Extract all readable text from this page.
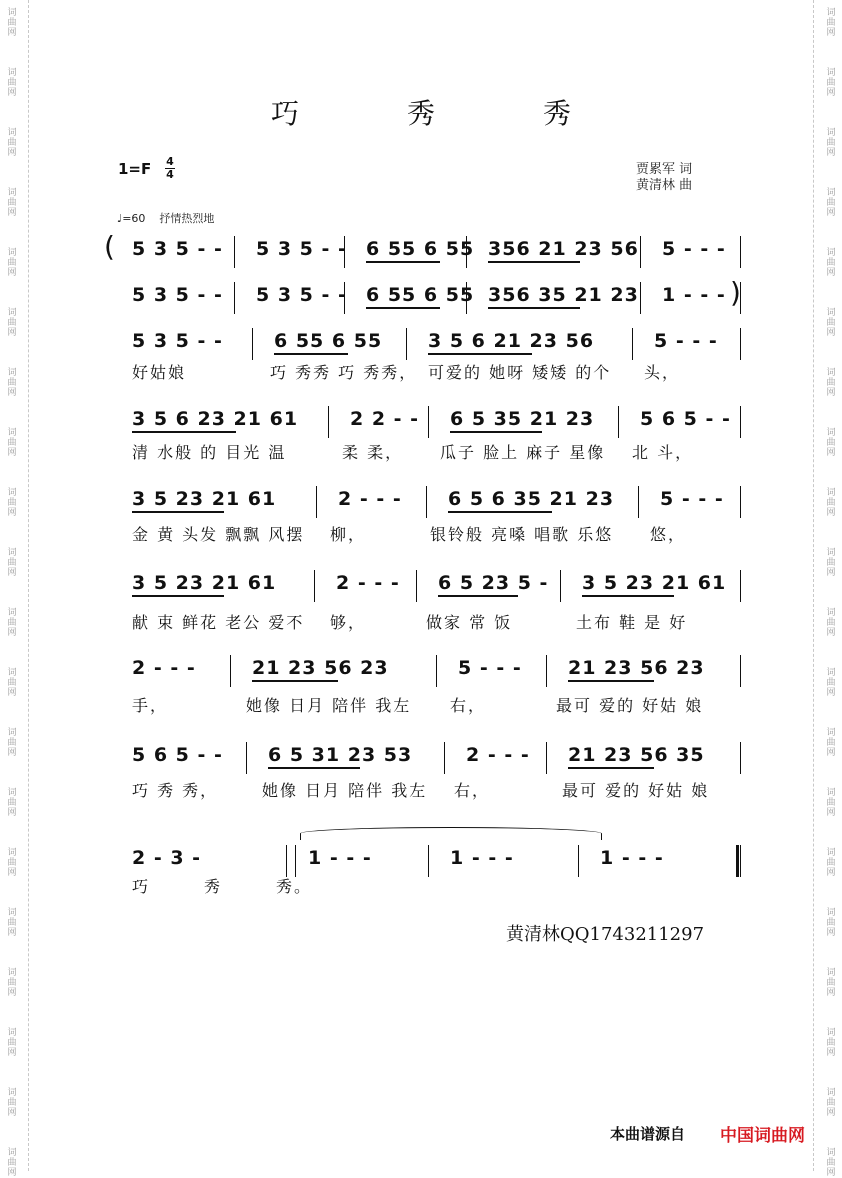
词
曲
网
词
曲
网
词
曲
网
词
曲
网
词
曲
网
词
曲
网
词
曲
网
词
曲
网
词
曲
网
词
曲
网
词
曲
网
词
曲
网
词
曲
网
词
曲
网
词
曲
网
词
曲
网
词
曲
网
词
曲
网
词
曲
网
词
曲
网
词
曲
网
词
曲
网
词
曲
网
词
曲
网
词
曲
网
词
曲
网
词
曲
网
词
曲
网
词
曲
网
词
曲
网
词
曲
网
词
曲
网
词
曲
网
词
曲
网
词
曲
网
词
曲
网
词
曲
网
词
曲
网
词
曲
网
词
曲
网
巧　秀　秀
1=F 4
4	贾累军 词
黄清林 曲
♩=60 抒情热烈地
5 3 5 - - 5 3 5 - - 6 55 6 55 356 21 23 56 5 - - -
(
5 3 5 - - 5 3 5 - - 6 55 6 55 356 35 21 23 1 - - - )
5 3 5 - -	6 55 6 55 3 5 6 21 23 56	5 - - -
好姑娘	巧 秀秀 巧 秀秀， 可爱的 她呀 矮矮 的个 头，
3 5 6 23 21 61	2 2 - - 6 5 35 21 23 5 6 5 - -
清 水般 的 目光 温	柔 柔， 瓜子 脸上 麻子 星像 北 斗，
3 5 23 21 61	2 - - - 6 5 6 35 21 23 5 - - -
金 黄 头发 飘飘 风摆 柳，	银铃般 亮嗓 唱歌 乐悠 悠，
3 5 23 21 61	2 - - - 6 5 23 5 - 3 5 23 21 61
献 束 鲜花 老公 爱不 够，	做家 常 饭	土布 鞋 是 好
2 - - -	21 23 56 23	5 - - - 21 23 56 23
手，	她像 日月 陪伴 我左 右，	最可 爱的 好姑 娘
5 6 5 - - 6 5 31 23 53	2 - - - 21 23 56 35
巧 秀 秀，	她像 日月 陪伴 我左 右，	最可 爱的 好姑 娘
2 - 3 -	1 - - -	1 - - -	1 - - -
巧　　　秀　　　秀。
黄清林QQ1743211297
本曲谱源自 中国词曲网
